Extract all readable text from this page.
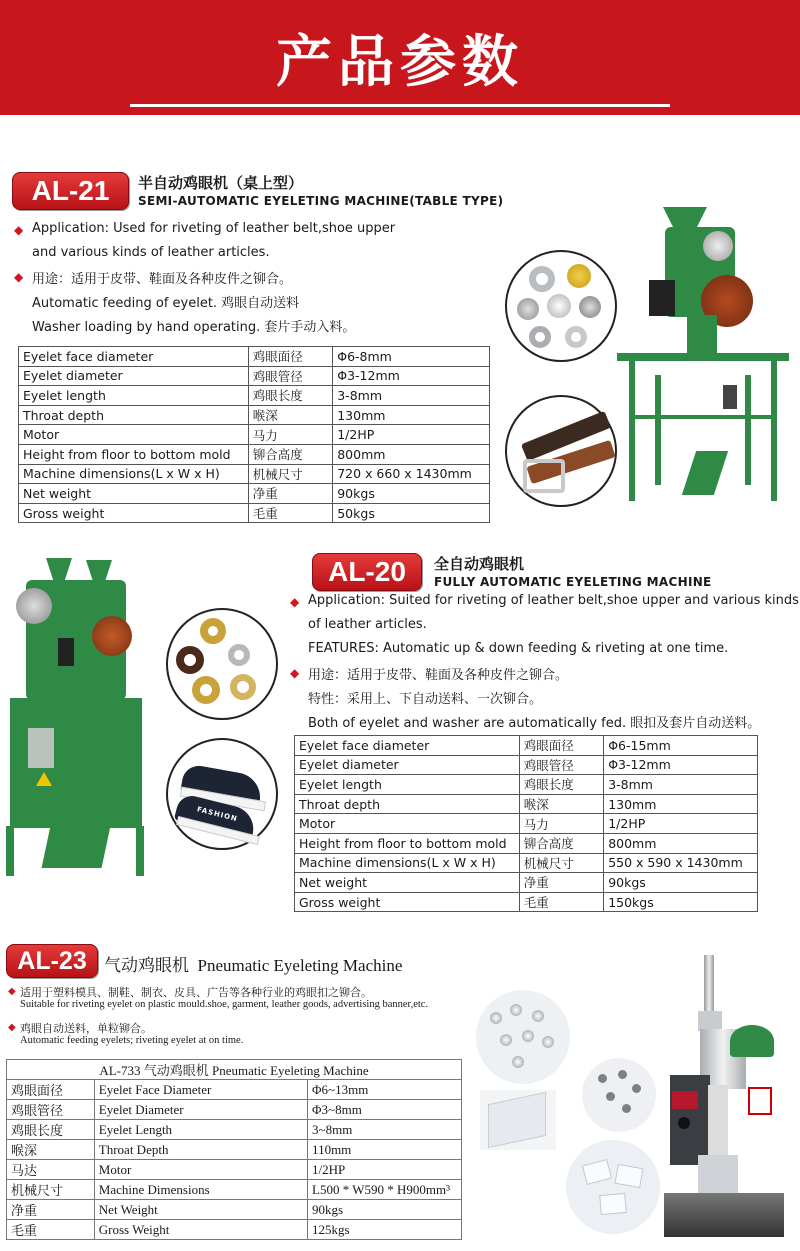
产品参数
AL-21	半自动鸡眼机（桌上型）
SEMI-AUTOMATIC EYELETING MACHINE(TABLE TYPE)
◆ Application: Used for riveting of leather belt,shoe upper
and various kinds of leather articles.
◆ 用途：适用于皮带、鞋面及各种皮件之铆合。
Automatic feeding of eyelet. 鸡眼自动送料
Washer loading by hand operating. 套片手动入料。
Eyelet face diameter	鸡眼面径	Φ6-8mm
Eyelet diameter	鸡眼管径	Φ3-12mm
Eyelet length	鸡眼长度	3-8mm
Throat depth	喉深	130mm
Motor	马力	1/2HP
Height from floor to bottom mold	铆合高度	800mm
Machine dimensions(L x W x H)	机械尺寸	720 x 660 x 1430mm
Net weight	净重	90kgs
Gross weight	毛重	50kgs
AL-20	全自动鸡眼机
FULLY AUTOMATIC EYELETING MACHINE
◆ Application: Suited for riveting of leather belt,shoe upper and various kinds
of leather articles.
FEATURES: Automatic up & down feeding & riveting at one time.
◆ 用途：适用于皮带、鞋面及各种皮件之铆合。
特性：采用上、下自动送料、一次铆合。
Both of eyelet and washer are automatically fed. 眼扣及套片自动送料。
Eyelet face diameter	鸡眼面径	Φ6-15mm
Eyelet diameter	鸡眼管径	Φ3-12mm
Eyelet length	鸡眼长度	3-8mm
Throat depth	喉深	130mm
Motor	马力	1/2HP
Height from floor to bottom mold	铆合高度	800mm
Machine dimensions(L x W x H)	机械尺寸	550 x 590 x 1430mm
Net weight	净重	90kgs
Gross weight	毛重	150kgs
FASHION
AL-23	气动鸡眼机 Pneumatic Eyeleting Machine
◆ 适用于塑料模具、制鞋、制衣、皮具、广告等各种行业的鸡眼扣之铆合。
Suitable for riveting eyelet on plastic mould.shoe, garment, leather goods, advertising banner,etc.
◆ 鸡眼自动送料，单粒铆合。
Automatic feeding eyelets; riveting eyelet at on time.
AL-733 气动鸡眼机 Pneumatic Eyeleting Machine		
鸡眼面径	Eyelet Face Diameter	Φ6~13mm
鸡眼管径	Eyelet Diameter	Φ3~8mm
鸡眼长度	Eyelet Length	3~8mm
喉深	Throat Depth	110mm
马达	Motor	1/2HP
机械尺寸	Machine Dimensions	L500 * W590 * H900mm³
净重	Net Weight	90kgs
毛重	Gross Weight	125kgs
